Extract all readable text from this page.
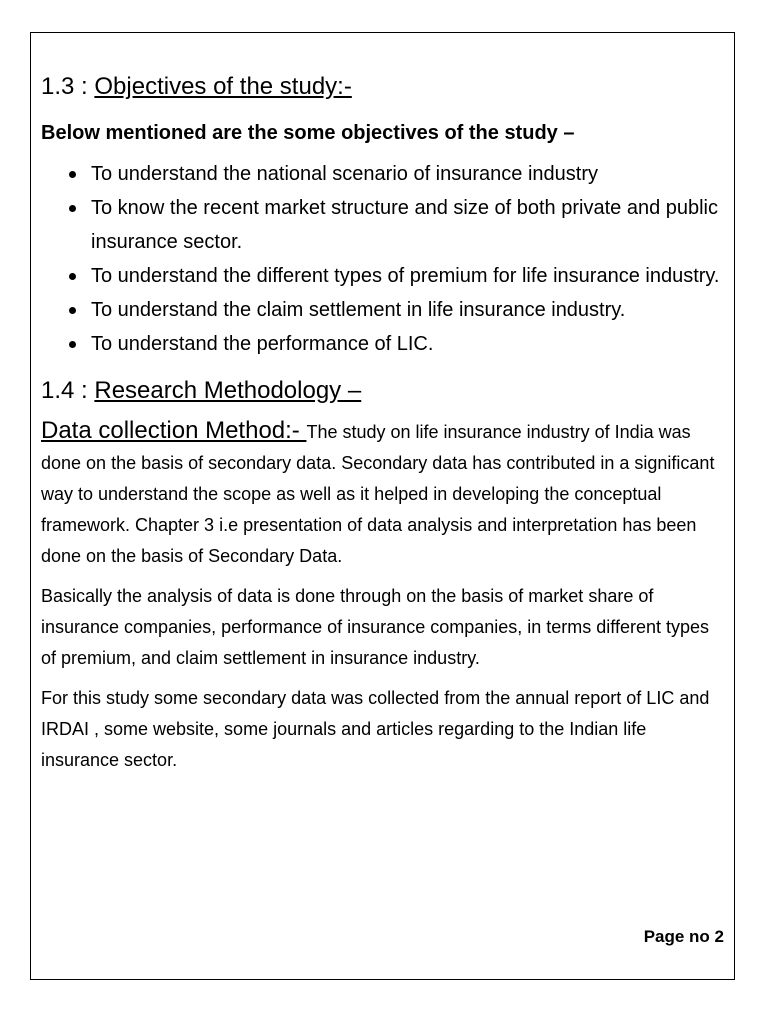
1.3 : Objectives of the study:-

Below mentioned are the some objectives of the study –

To understand the national scenario of insurance industry
To know the recent market structure and size of both private and public insurance sector.
To understand the different types of premium for life insurance industry.
To understand the claim settlement in life insurance industry.
To understand the performance of LIC.
1.4 : Research Methodology –

Data collection Method:- The study on life insurance industry of India was done on the basis of secondary data. Secondary data has contributed in a significant way to understand the scope as well as it helped in developing the conceptual framework. Chapter 3 i.e presentation of data analysis and interpretation has been done on the basis of Secondary Data.

Basically the analysis of data is done through on the basis of market share of insurance companies, performance of insurance companies, in terms different types of premium, and claim settlement in insurance industry.

For this study some secondary data was collected from the annual report of LIC and IRDAI , some website, some journals and articles regarding to the Indian life insurance sector.

Page no 2
